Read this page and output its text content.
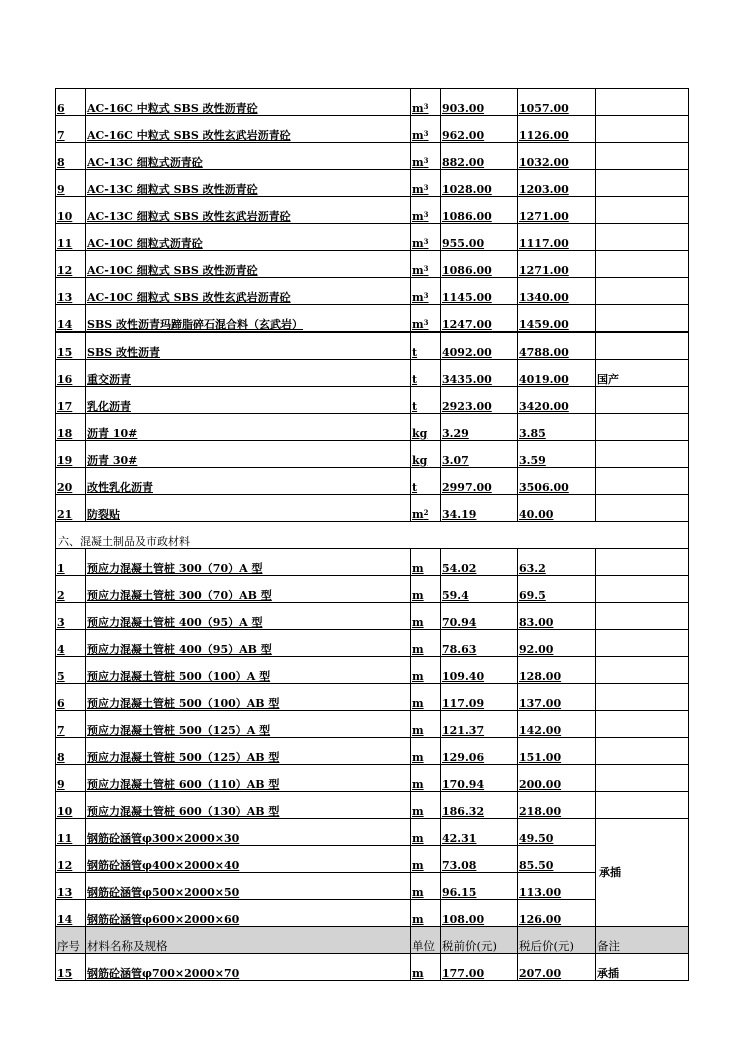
6 AC-16C 中粒式 SBS 改性沥青砼	$m^3$ 903.00	1057.00
7 AC-16C 中粒式 SBS 改性玄武岩沥青砼	$m^3$ 962.00	1126.00
8 AC-13C 细粒式沥青砼	$m^3$ 882.00	1032.00
9 AC-13C 细粒式 SBS 改性沥青砼	$m^3$ 1028.00 1203.00
10 AC-13C 细粒式 SBS 改性玄武岩沥青砼	$m^3$ 1086.00 1271.00
11 AC-10C 细粒式沥青砼	$m^3$ 955.00	1117.00
12 AC-10C 细粒式 SBS 改性沥青砼	$m^3$ 1086.00 1271.00
13 AC-10C 细粒式 SBS 改性玄武岩沥青砼	$m^3$ 1145.00 1340.00
14 SBS 改性沥青玛蹄脂碎石混合料（玄武岩）	$m^3$ 1247.00 1459.00
15 SBS 改性沥青	t 4092.00 4788.00
16 重交沥青	t 3435.00 4019.00	国产
17 乳化沥青	t 2923.00 3420.00
18 沥青 10#	kg 3.29	3.85
19 沥青 30#	kg 3.07	3.59
20 改性乳化沥青	t 2997.00 3506.00
21 防裂贴	$m^2$ 34.19	40.00
六、混凝土制品及市政材料
1 预应力混凝土管桩 300（70）A 型	m 54.02	63.2
2 预应力混凝土管桩 300（70）AB 型	m 59.4	69.5
3 预应力混凝土管桩 400（95）A 型	m 70.94	83.00
4 预应力混凝土管桩 400（95）AB 型	m 78.63	92.00
5 预应力混凝土管桩 500（100）A 型	m 109.40	128.00
6 预应力混凝土管桩 500（100）AB 型	m 117.09	137.00
7 预应力混凝土管桩 500（125）A 型	m 121.37	142.00
8 预应力混凝土管桩 500（125）AB 型	m 129.06	151.00
9 预应力混凝土管桩 600（110）AB 型	m 170.94	200.00
10 预应力混凝土管桩 600（130）AB 型	m 186.32	218.00
11 钢筋砼涵管φ300×2000×30	m 42.31	49.50
12 钢筋砼涵管φ400×2000×40	m 73.08	85.50
13 钢筋砼涵管φ500×2000×50	m 96.15	113.00
14 钢筋砼涵管φ600×2000×60	m 108.00	126.00
承插
序号 材料名称及规格	单位 税前价(元) 税后价(元) 备注
15 钢筋砼涵管φ700×2000×70	m 177.00	207.00	承插
